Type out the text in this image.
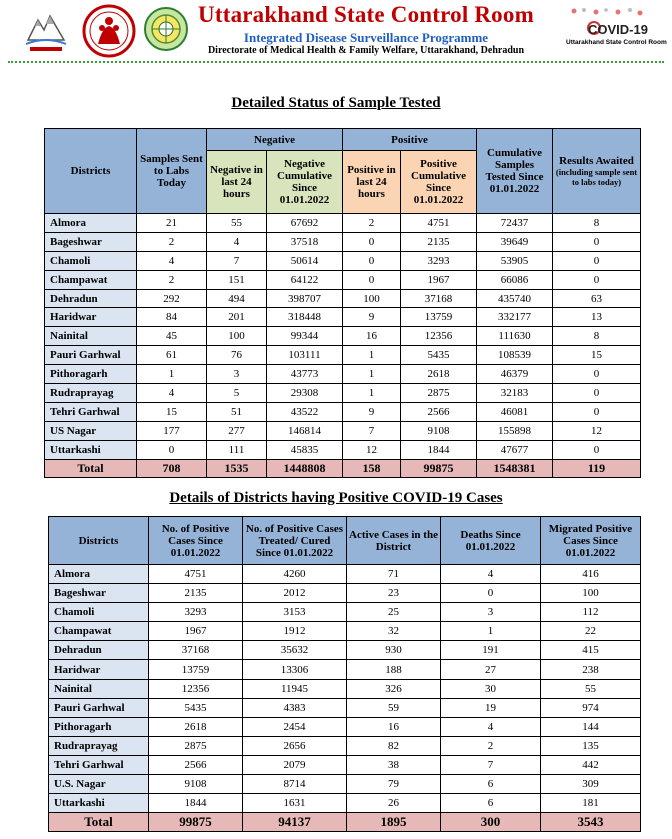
Uttarakhand State Control Room
Integrated Disease Surveillance Programme
Directorate of Medical Health & Family Welfare, Uttarakhand, Dehradun
COVID-19
Uttarakhand State Control Room
Detailed Status of Sample Tested
Districts	Samples Sent to Labs Today	Negative		Positive		Cumulative Samples Tested Since 01.01.2022	Results Awaited
(including sample sent to labs today)

		Negative in last 24 hours	Negative Cumulative Since 01.01.2022	Positive in last 24 hours	Positive Cumulative Since 01.01.2022		
Almora	21	55	67692	2	4751	72437	8
Bageshwar	2	4	37518	0	2135	39649	0
Chamoli	4	7	50614	0	3293	53905	0
Champawat	2	151	64122	0	1967	66086	0
Dehradun	292	494	398707	100	37168	435740	63
Haridwar	84	201	318448	9	13759	332177	13
Nainital	45	100	99344	16	12356	111630	8
Pauri Garhwal	61	76	103111	1	5435	108539	15
Pithoragarh	1	3	43773	1	2618	46379	0
Rudraprayag	4	5	29308	1	2875	32183	0
Tehri Garhwal	15	51	43522	9	2566	46081	0
US Nagar	177	277	146814	7	9108	155898	12
Uttarkashi	0	111	45835	12	1844	47677	0
Total	708	1535	1448808	158	99875	1548381	119
Details of Districts having Positive COVID-19 Cases
Districts	No. of Positive Cases Since 01.01.2022	No. of Positive Cases Treated/ Cured Since 01.01.2022	Active Cases in the District	Deaths Since 01.01.2022	Migrated Positive Cases Since 01.01.2022
Almora	4751	4260	71	4	416
Bageshwar	2135	2012	23	0	100
Chamoli	3293	3153	25	3	112
Champawat	1967	1912	32	1	22
Dehradun	37168	35632	930	191	415
Haridwar	13759	13306	188	27	238
Nainital	12356	11945	326	30	55
Pauri Garhwal	5435	4383	59	19	974
Pithoragarh	2618	2454	16	4	144
Rudraprayag	2875	2656	82	2	135
Tehri Garhwal	2566	2079	38	7	442
U.S. Nagar	9108	8714	79	6	309
Uttarkashi	1844	1631	26	6	181
Total	99875	94137	1895	300	3543
